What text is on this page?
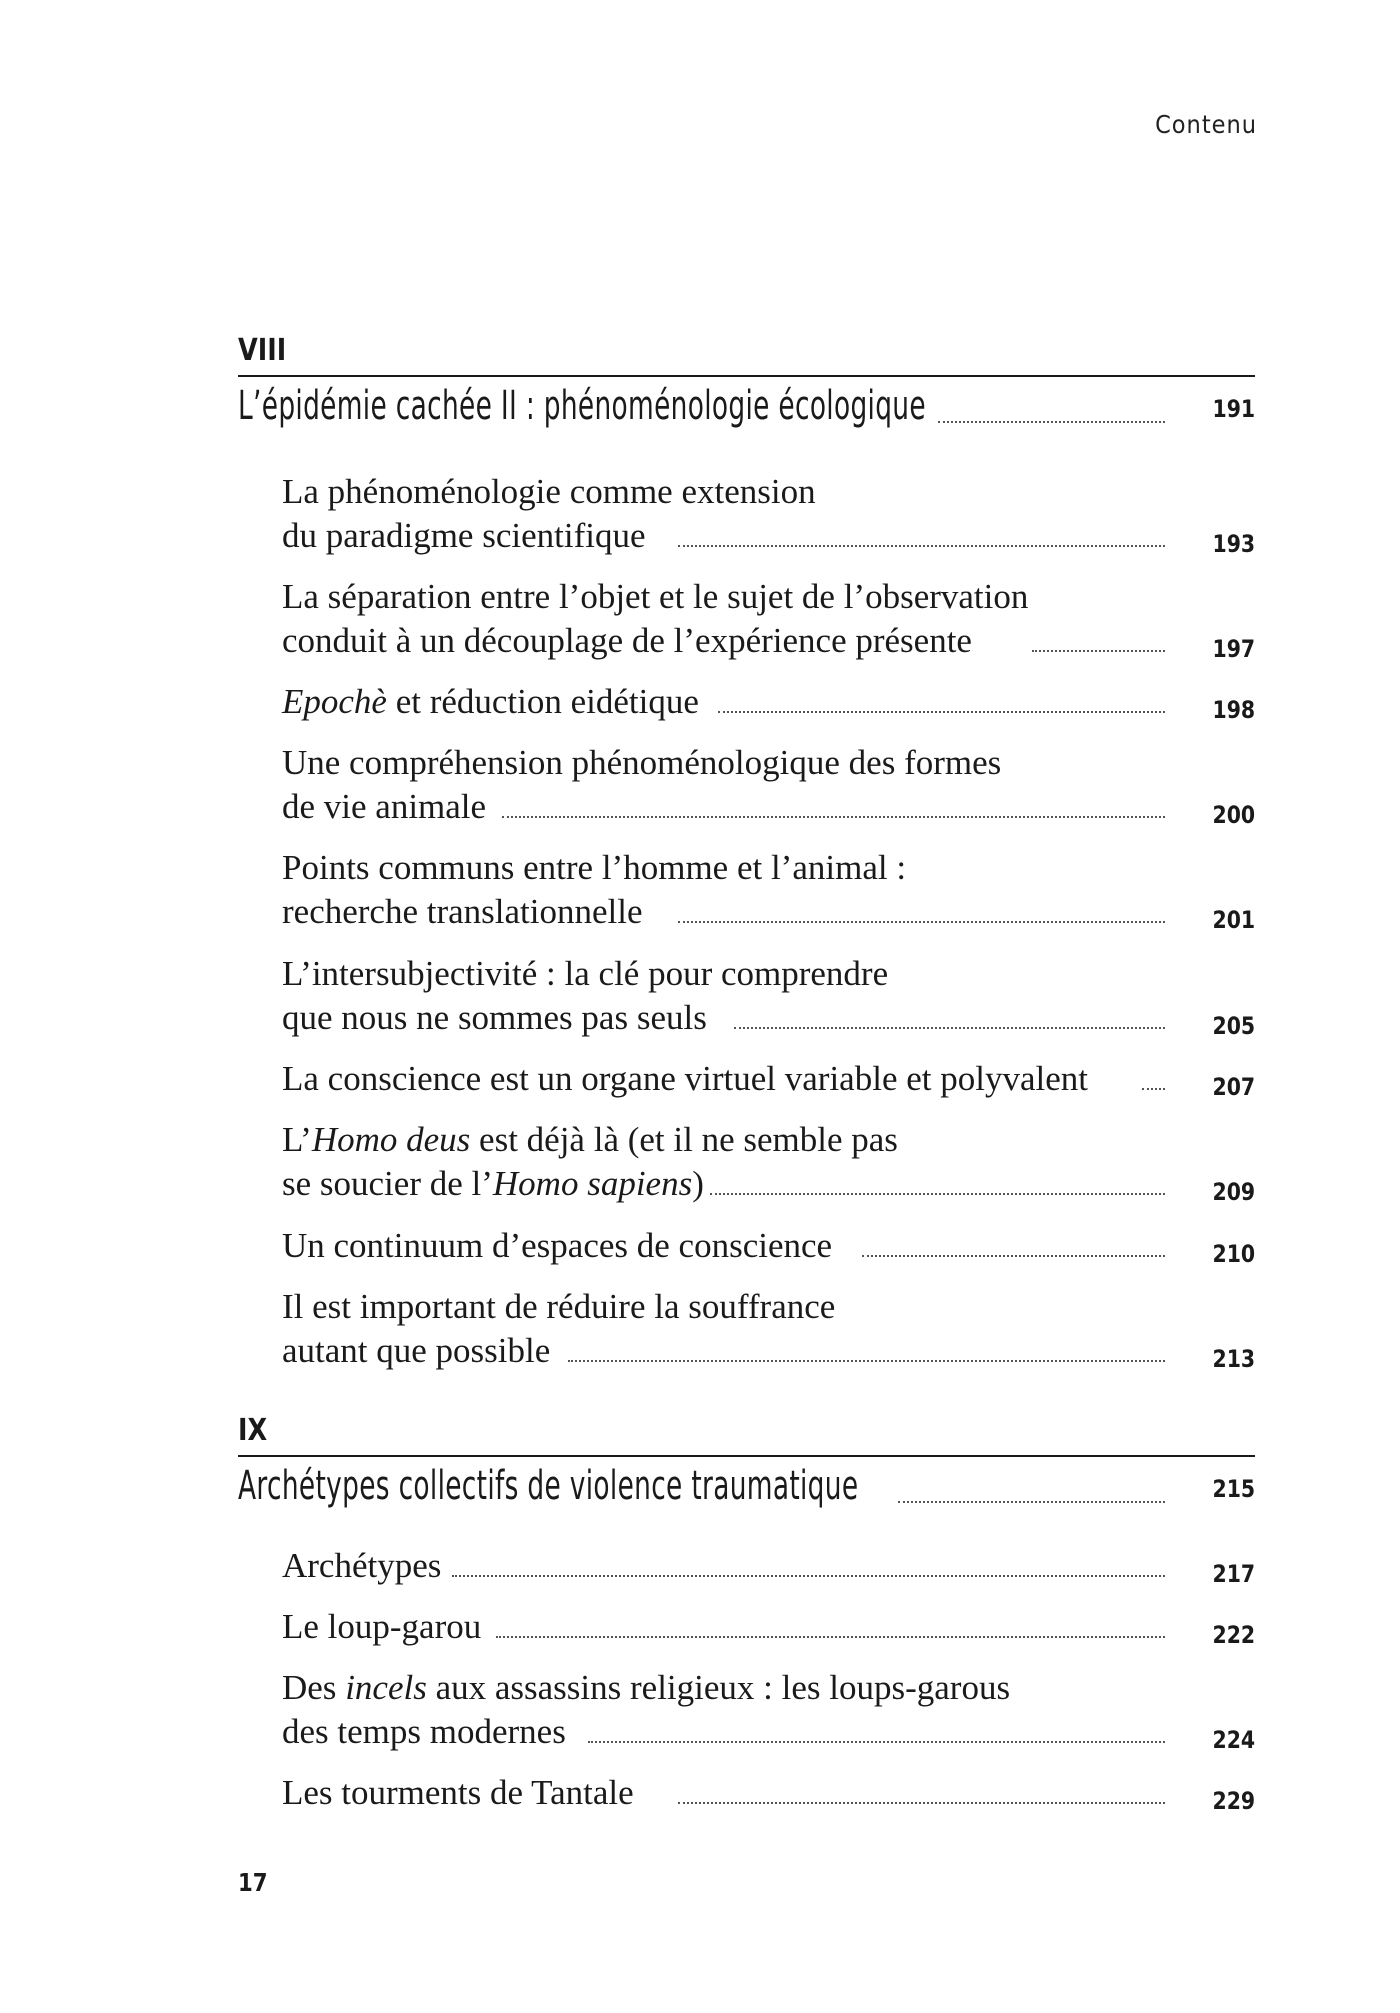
Contenu
VIII
L’épidémie cachée II : phénoménologie écologique	191
La phénoménologie comme extension
du paradigme scientifique	193
La séparation entre l’objet et le sujet de l’observation
conduit à un découplage de l’expérience présente	197
Epochè et réduction eidétique	198
Une compréhension phénoménologique des formes
de vie animale	200
Points communs entre l’homme et l’animal :
recherche translationnelle	201
L’intersubjectivité : la clé pour comprendre
que nous ne sommes pas seuls	205
La conscience est un organe virtuel variable et polyvalent	207
L’Homo deus est déjà là (et il ne semble pas
se soucier de l’Homo sapiens)	209
Un continuum d’espaces de conscience	210
Il est important de réduire la souffrance
autant que possible	213
IX
Archétypes collectifs de violence traumatique	215
Archétypes	217
Le loup-garou	222
Des incels aux assassins religieux : les loups-garous
des temps modernes	224
Les tourments de Tantale	229
17
